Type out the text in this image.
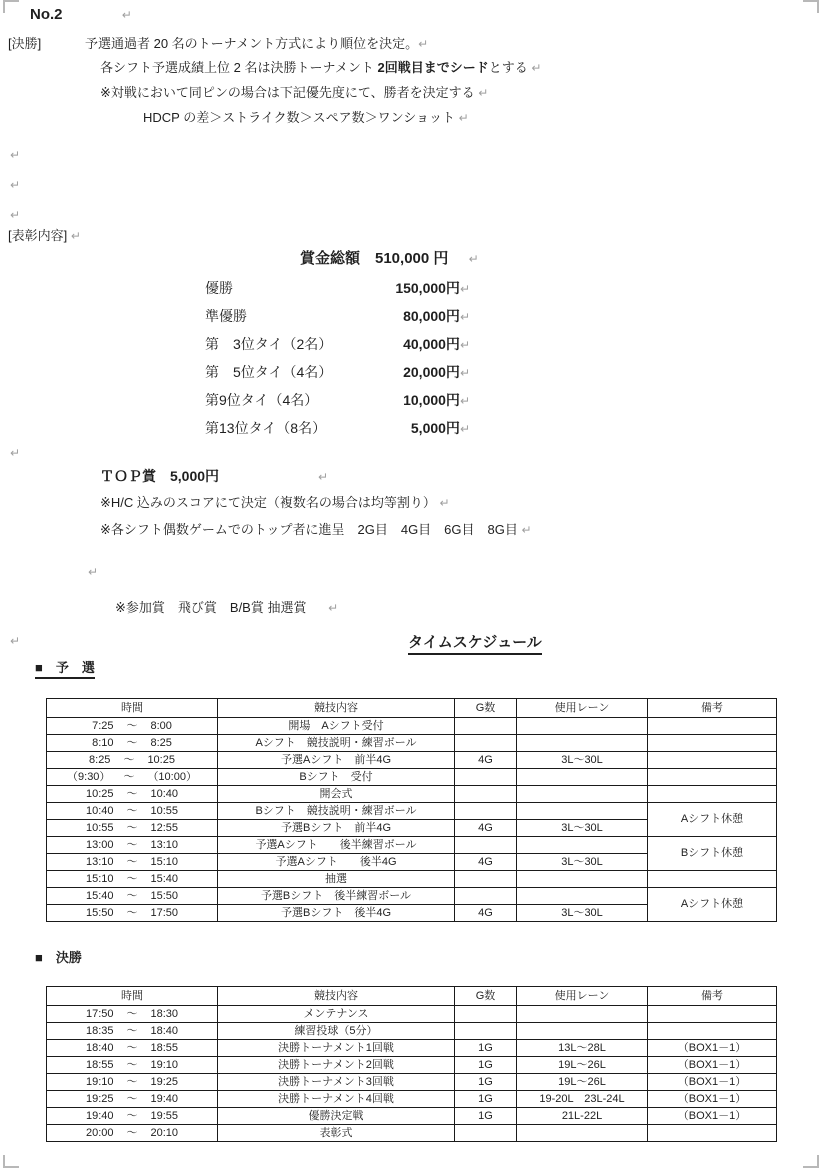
No.2	↵
[決勝]	予選通過者 20 名のトーナメント方式により順位を決定。 ↵
各シフト予選成績上位 2 名は決勝トーナメント 2回戦目までシードとする ↵
※対戦において同ピンの場合は下記優先度にて、勝者を決定する ↵
HDCP の差＞ストライク数＞スペア数＞ワンショット ↵
↵
↵
↵
[表彰内容] ↵
賞金総額　510,000 円 ↵
優勝	150,000円↵
準優勝	80,000円↵
第　3位タイ（2名）	40,000円↵
第　5位タイ（4名）	20,000円↵
第9位タイ（4名）	10,000円↵
第13位タイ（8名）	5,000円↵
↵
ＴＯＰ賞　5,000円	↵
※H/C 込みのスコアにて決定（複数名の場合は均等割り） ↵
※各シフト偶数ゲームでのトップ者に進呈　2G目　4G目　6G目　8G目 ↵
↵
※参加賞　飛び賞　B/B賞 抽選賞 ↵
↵	タイムスケジュール
■　予　選
時間	競技内容	G数	使用レーン	備考
7:25 ～ 8:00	開場　Aシフト受付			
8:10 ～ 8:25	Aシフト　競技説明・練習ボール			
8:25 ～ 10:25	予選Aシフト　前半4G	4G	3L～30L	
（9:30） ～ （10:00）	Bシフト　受付			
10:25 ～ 10:40	開会式			
10:40 ～ 10:55	Bシフト　競技説明・練習ボール			Aシフト休憩
10:55 ～ 12:55	予選Bシフト　前半4G	4G	3L～30L	
13:00 ～ 13:10	予選Aシフト　　後半練習ボール			Bシフト休憩
13:10 ～ 15:10	予選Aシフト　　後半4G	4G	3L～30L	
15:10 ～ 15:40	抽選			
15:40 ～ 15:50	予選Bシフト　後半練習ボール			Aシフト休憩
15:50 ～ 17:50	予選Bシフト　後半4G	4G	3L～30L	
■　決勝
時間	競技内容	G数	使用レーン	備考
17:50 ～ 18:30	メンテナンス			
18:35 ～ 18:40	練習投球（5分）			
18:40 ～ 18:55	決勝トーナメント1回戦	1G	13L～28L	（BOX1－1）
18:55 ～ 19:10	決勝トーナメント2回戦	1G	19L～26L	（BOX1－1）
19:10 ～ 19:25	決勝トーナメント3回戦	1G	19L～26L	（BOX1－1）
19:25 ～ 19:40	決勝トーナメント4回戦	1G	19-20L　23L-24L	（BOX1－1）
19:40 ～ 19:55	優勝決定戦	1G	21L-22L	（BOX1－1）
20:00 ～ 20:10	表彰式			
